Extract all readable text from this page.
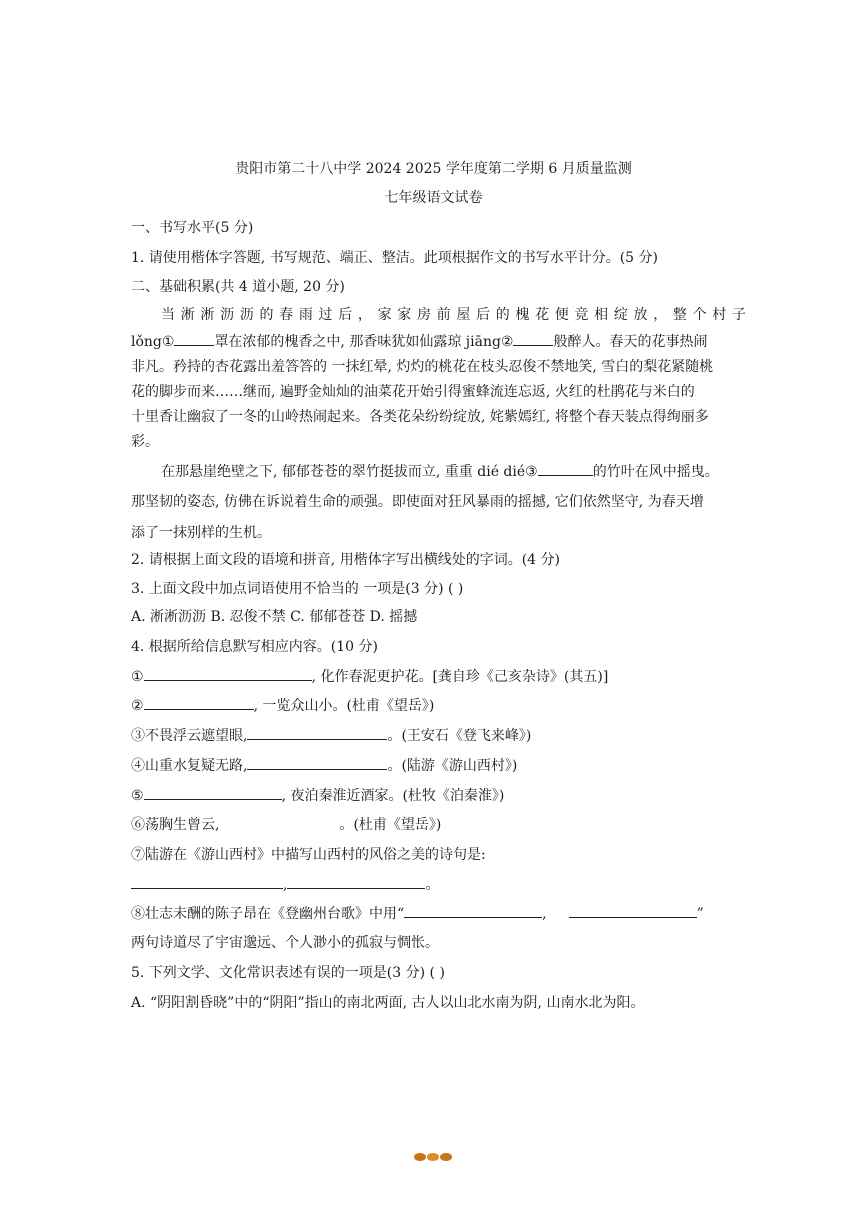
贵阳市第二十八中学 2024 2025 学年度第二学期 6 月质量监测
七年级语文试卷
一、书写水平(5 分)
1. 请使用楷体字答题, 书写规范、端正、整洁。此项根据作文的书写水平计分。(5 分)
二、基础积累(共 4 道小题, 20 分)
当淅淅沥沥的春雨过后，家家房前屋后的槐花便竞相绽放，整个村子
lǒng①	罩在浓郁的槐香之中, 那香味犹如仙露琼 jiāng②	般醉人。春天的花事热闹
非凡。矜持的杏花露出羞答答的 一抹红晕, 灼灼的桃花在枝头忍俊不禁地笑, 雪白的梨花紧随桃
花的脚步而来……继而, 遍野金灿灿的油菜花开始引得蜜蜂流连忘返, 火红的杜鹃花与米白的
十里香让幽寂了一冬的山岭热闹起来。各类花朵纷纷绽放, 姹紫嫣红, 将整个春天装点得绚丽多
彩。
在那悬崖绝壁之下, 郁郁苍苍的翠竹挺拔而立, 重重 dié dié③	的竹叶在风中摇曳。
那坚韧的姿态, 仿佛在诉说着生命的顽强。即使面对狂风暴雨的摇撼, 它们依然坚守, 为春天增
添了一抹别样的生机。
2. 请根据上面文段的语境和拼音, 用楷体字写出横线处的字词。(4 分)
3. 上面文段中加点词语使用不恰当的 一项是(3 分) ( )
A. 淅淅沥沥 B. 忍俊不禁 C. 郁郁苍苍 D. 摇撼
4. 根据所给信息默写相应内容。(10 分)
①	, 化作春泥更护花。[龚自珍《己亥杂诗》(其五)]
②	, 一览众山小。(杜甫《望岳》)
③不畏浮云遮望眼,	。(王安石《登飞来峰》)
④山重水复疑无路,	。(陆游《游山西村》)
⑤	, 夜泊秦淮近酒家。(杜牧《泊秦淮》)
⑥荡胸生曾云,	。(杜甫《望岳》)
⑦陆游在《游山西村》中描写山西村的风俗之美的诗句是:
,	。
⑧壮志未酬的陈子昂在《登幽州台歌》中用“	,	”
两句诗道尽了宇宙邈远、个人渺小的孤寂与惆怅。
5. 下列文学、文化常识表述有误的一项是(3 分) ( )
A. “阴阳割昏晓”中的“阴阳”指山的南北两面, 古人以山北水南为阴, 山南水北为阳。
